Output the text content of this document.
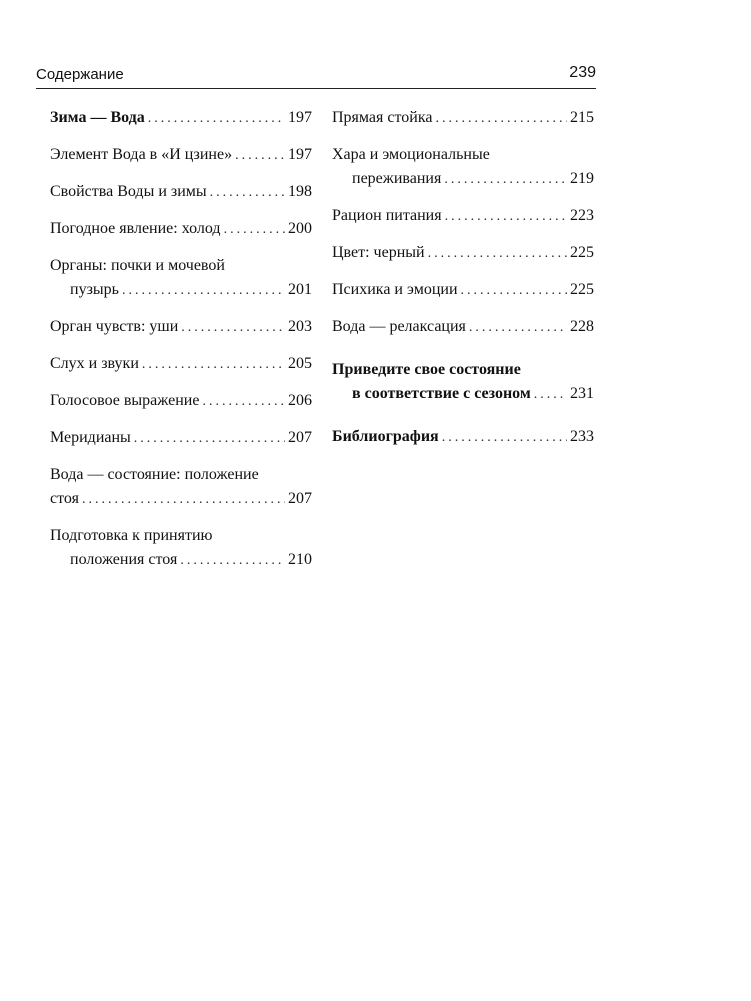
Содержание	239
Зима — Вода .....	197
Элемент Вода в «И цзине» .....	197
Свойства Воды и зимы .....	198
Погодное явление: холод .....	200
Органы: почки и мочевой
пузырь .....	201
Орган чувств: уши .....	203
Слух и звуки .....	205
Голосовое выражение .....	206
Меридианы .....	207
Вода — состояние: положение
стоя .....	207
Подготовка к принятию
положения стоя .....	210
Прямая стойка .....	215
Хара и эмоциональные
переживания .....	219
Рацион питания .....	223
Цвет: черный .....	225
Психика и эмоции .....	225
Вода — релаксация .....	228
Приведите свое состояние
в соответствие с сезоном ..... 231
Библиография .....	233
